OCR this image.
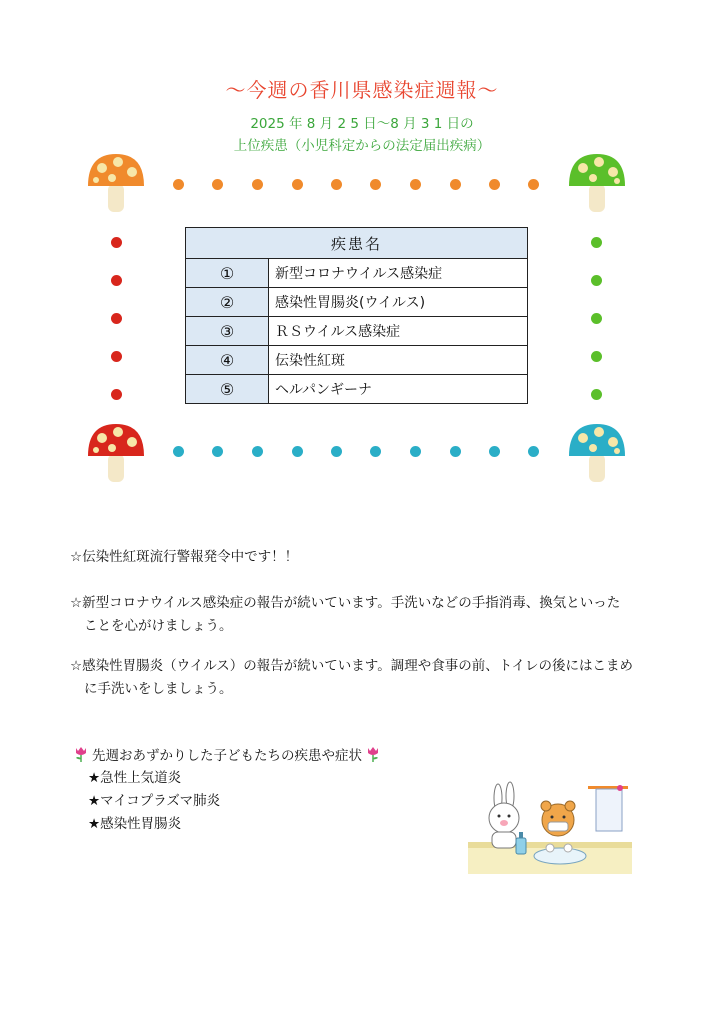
〜今週の香川県感染症週報〜
2025 年 8 月 2 5 日〜8 月 3 1 日の
上位疾患（小児科定からの法定届出疾病）
疾患名	
①	新型コロナウイルス感染症
②	感染性胃腸炎(ウイルス)
③	ＲＳウイルス感染症
④	伝染性紅斑
⑤	ヘルパンギーナ
☆伝染性紅斑流行警報発令中です！！
☆新型コロナウイルス感染症の報告が続いています。手洗いなどの手指消毒、換気といった
ことを心がけましょう。
☆感染性胃腸炎（ウイルス）の報告が続いています。調理や食事の前、トイレの後にはこまめ
に手洗いをしましょう。
先週おあずかりした子どもたちの疾患や症状
★急性上気道炎
★マイコプラズマ肺炎
★感染性胃腸炎
